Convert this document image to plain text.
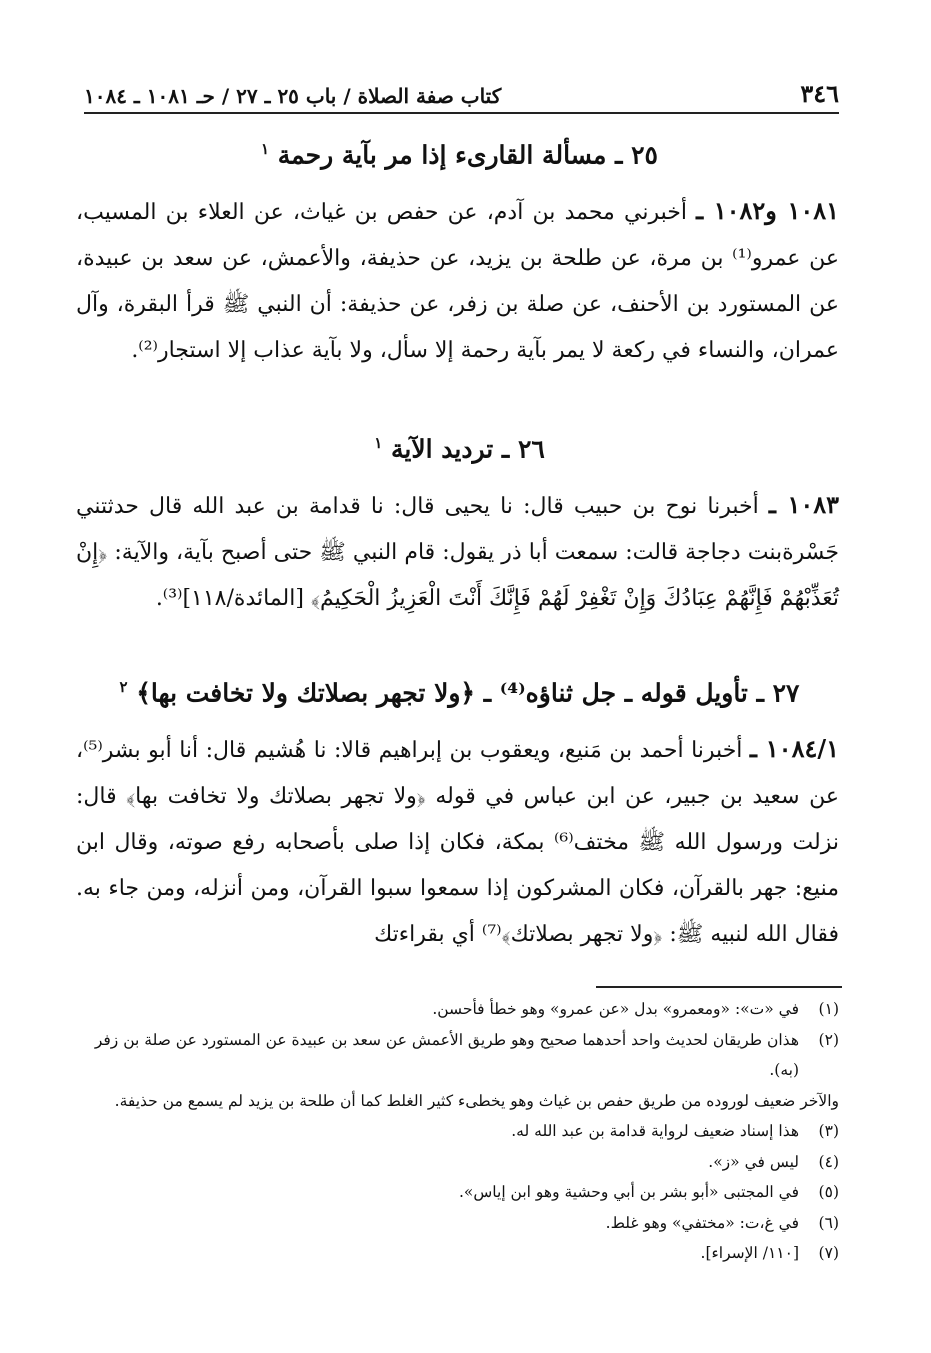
٣٤٦
كتاب صفة الصلاة / باب ٢٥ ـ ٢٧ / حـ ١٠٨١ ـ ١٠٨٤
٢٥ ـ مسألة القارىء إذا مر بآية رحمة $^١$
١٠٨١ و١٠٨٢ ـ أخبرني محمد بن آدم، عن حفص بن غياث، عن العلاء بن المسيب، عن عمرو⁽¹⁾ بن مرة، عن طلحة بن يزيد، عن حذيفة، والأعمش، عن سعد بن عبيدة، عن المستورد بن الأحنف، عن صلة بن زفر، عن حذيفة: أن النبي ﷺ قرأ البقرة، وآل عمران، والنساء في ركعة لا يمر بآية رحمة إلا سأل، ولا بآية عذاب إلا استجار⁽²⁾.
٢٦ ـ ترديد الآية $^١$
١٠٨٣ ـ أخبرنا نوح بن حبيب قال: نا يحيى قال: نا قدامة بن عبد الله قال حدثتني جَسْرةبنت دجاجة قالت: سمعت أبا ذر يقول: قام النبي ﷺ حتى أصبح بآية، والآية: ﴿إِنْ تُعَذِّبْهُمْ فَإِنَّهُمْ عِبَادُكَ وَإِنْ تَغْفِرْ لَهُمْ فَإِنَّكَ أَنْتَ الْعَزِيزُ الْحَكِيمُ﴾ [المائدة/١١٨]⁽³⁾.
٢٧ ـ تأويل قوله ـ جل ثناؤه⁽⁴⁾ ـ ﴿ولا تجهر بصلاتك ولا تخافت بها﴾ $^٢$
١٠٨٤/١ ـ أخبرنا أحمد بن مَنيع، ويعقوب بن إبراهيم قالا: نا هُشيم قال: أنا أبو بشر⁽⁵⁾، عن سعيد بن جبير، عن ابن عباس في قوله ﴿ولا تجهر بصلاتك ولا تخافت بها﴾ قال: نزلت ورسول الله ﷺ مختف⁽⁶⁾ بمكة، فكان إذا صلى بأصحابه رفع صوته، وقال ابن منيع: جهر بالقرآن، فكان المشركون إذا سمعوا سبوا القرآن، ومن أنزله، ومن جاء به. فقال الله لنبيه ﷺ: ﴿ولا تجهر بصلاتك﴾⁽⁷⁾ أي بقراءتك
(١)
في «ت»: «ومعمرو» بدل «عن عمرو» وهو خطأ فأحسن.
(٢)
هذان طريقان لحديث واحد أحدهما صحيح وهو طريق الأعمش عن سعد بن عبيدة عن المستورد عن صلة بن زفر (به).
والآخر ضعيف لوروده من طريق حفص بن غياث وهو يخطىء كثير الغلط كما أن طلحة بن يزيد لم يسمع من حذيفة.
(٣)
هذا إسناد ضعيف لرواية قدامة بن عبد الله له.
(٤)
ليس في «ز».
(٥)
في المجتبى «أبو بشر بن أبي وحشية وهو ابن إياس».
(٦)
في غ،ت: «مختفي» وهو غلط.
(٧)
[١١٠/ الإسراء].
